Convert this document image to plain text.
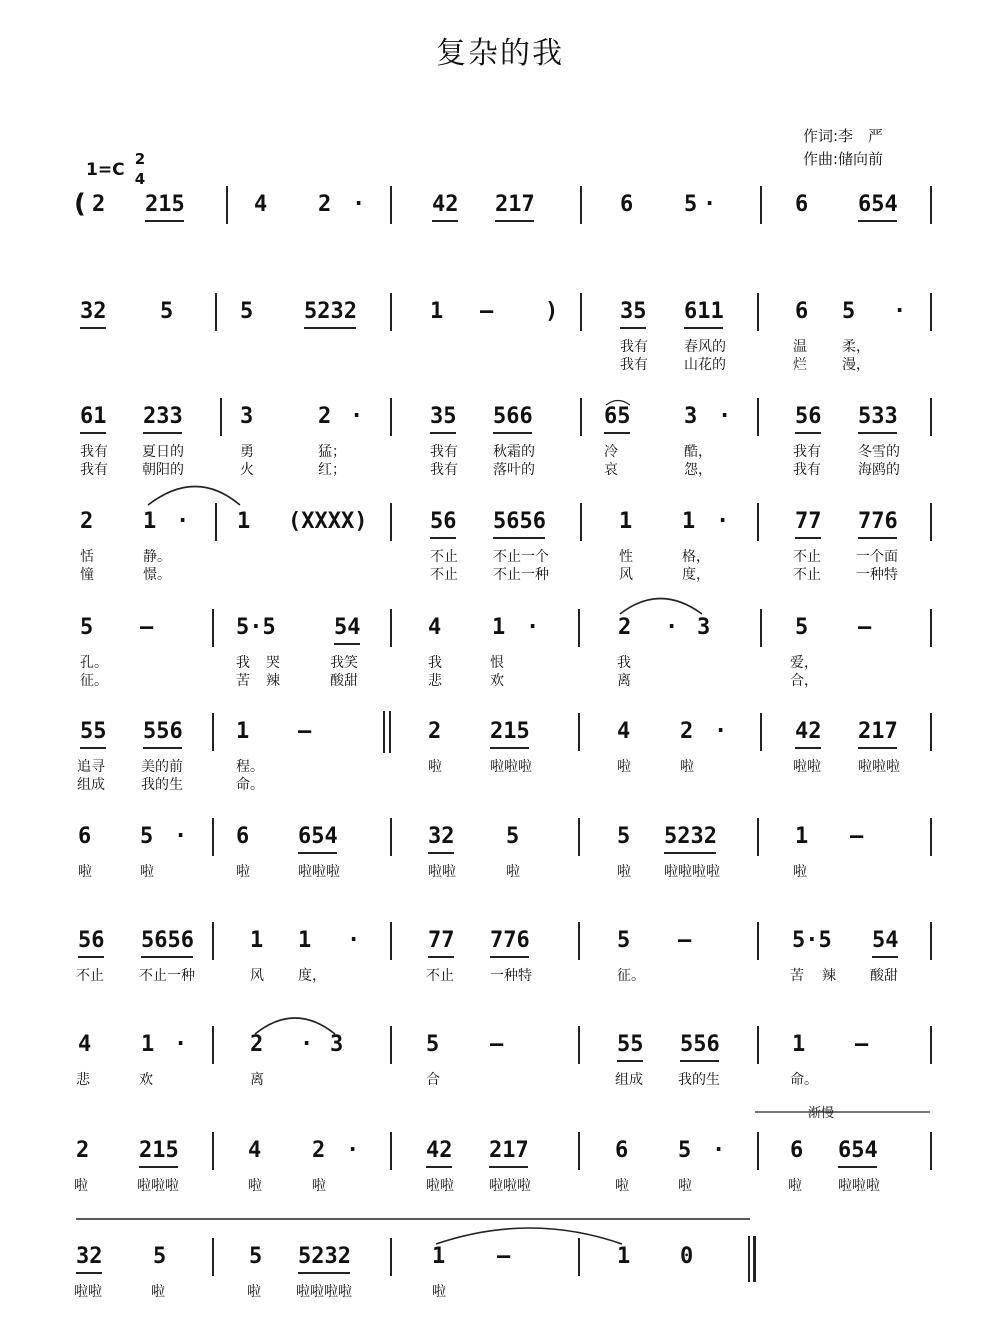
复杂的我
作词:李　严
作曲:储向前
1=C
2
4
( 2 215	4 2 ·	42 217	6 5 ·	6 654
32 5	5 5232	1 – )	35 611	6 5 ·
我有	春风的	温	柔，
我有	山花的	烂	漫，
61 233	3	2 ·	35 566	65 3 ·	56 533
我有 夏日的	勇	猛；	我有	秋霜的	冷	酷，	我有	冬雪的
我有 朝阳的	火	红；	我有	落叶的	哀	怨，	我有	海鸥的
2 1 · 1 (XXXX)	56 5656	1 1 ·	77 776
恬	静。	不止	不止一个	性	格，	不止	一个面
憧	憬。	不止	不止一种	风	度，	不止	一种特
5 –	5·5	54	4 1 ·	2 · 3	5 –
孔。	我 哭	我笑	我	恨	我	爱，
征。	苦 辣	酸甜	悲	欢	离	合，
55 556 1 –	2 215	4 2 ·	42 217
追寻	美的前	程。	啦	啦啦啦	啦	啦	啦啦	啦啦啦
组成	我的生	命。
6 5 · 6 654	32 5	5 5232	1 –
啦	啦	啦	啦啦啦	啦啦	啦	啦 啦啦啦啦	啦
56 5656	1 1 ·	77 776	5 –	5·5 54
不止	不止一种	风 度，	不止	一种特	征。	苦 辣 酸甜
4 1 ·	2 · 3	5 –	55 556	1 –
悲	欢	离	合	组成	我的生	命。
2 215	4 2 ·	42 217	6 5 ·	6 654
啦	啦啦啦	啦	啦	啦啦	啦啦啦	啦	啦	啦	啦啦啦
32 5	5 5232	1 –	1 0
啦啦	啦	啦	啦啦啦啦	啦
渐慢
